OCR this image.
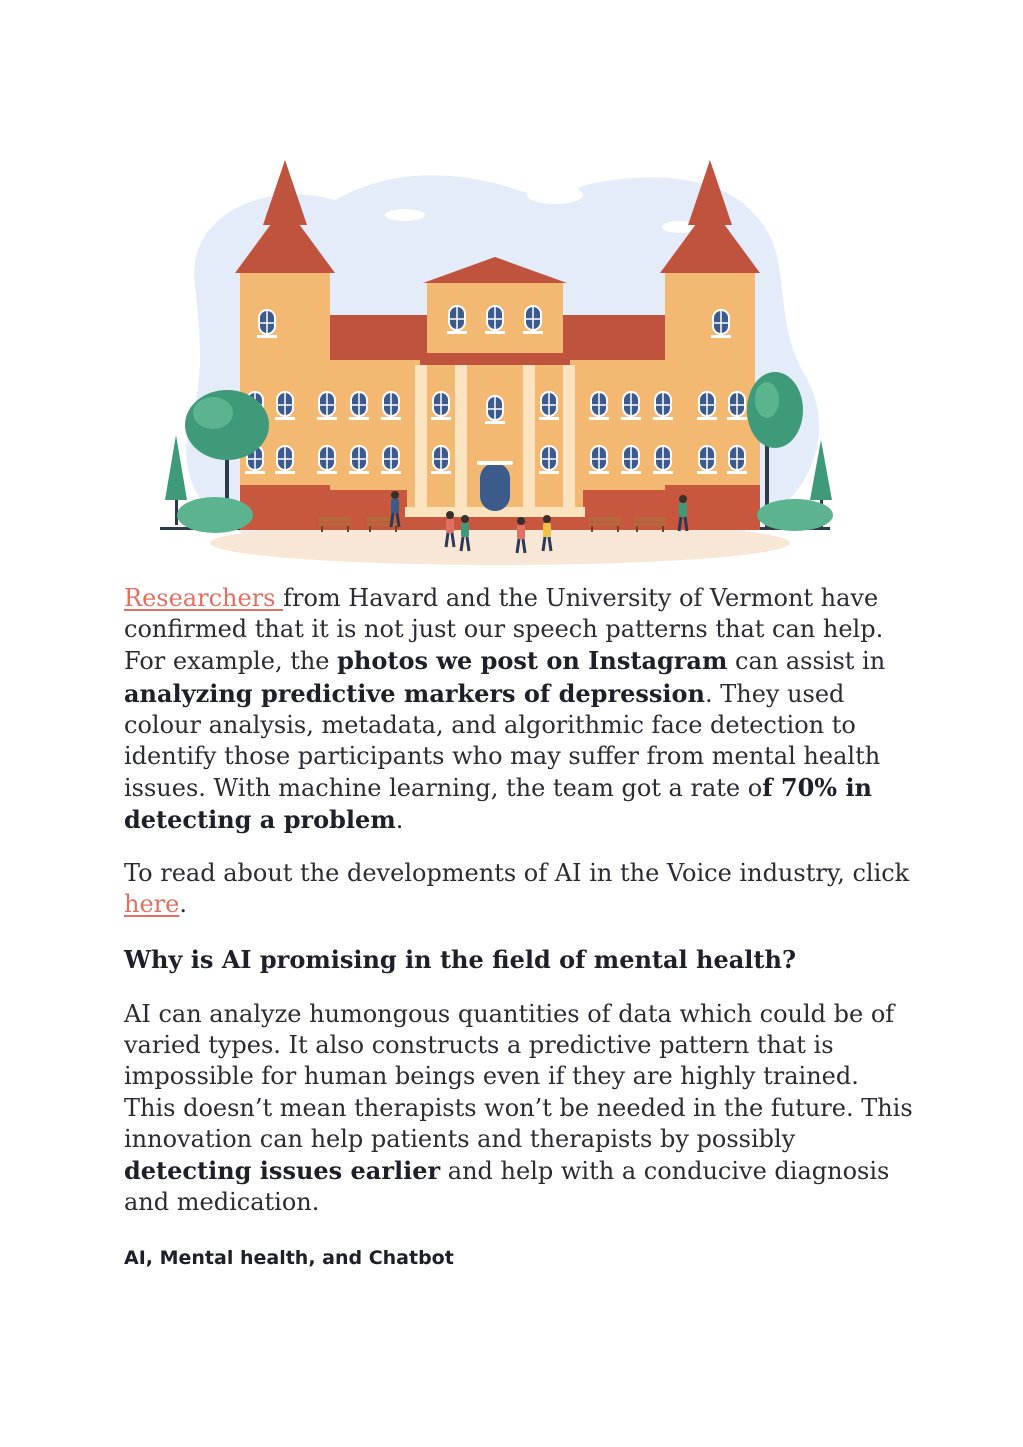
Researchers from Havard and the University of Vermont have confirmed that it is not just our speech patterns that can help. For example, the photos we post on Instagram can assist in analyzing predictive markers of depression. They used colour analysis, metadata, and algorithmic face detection to identify those participants who may suffer from mental health issues. With machine learning, the team got a rate of 70% in detecting a problem.

To read about the developments of AI in the Voice industry, click here.

Why is AI promising in the field of mental health?

AI can analyze humongous quantities of data which could be of varied types. It also constructs a predictive pattern that is impossible for human beings even if they are highly trained. This doesn’t mean therapists won’t be needed in the future. This innovation can help patients and therapists by possibly detecting issues earlier and help with a conducive diagnosis and medication.

AI, Mental health, and Chatbot
